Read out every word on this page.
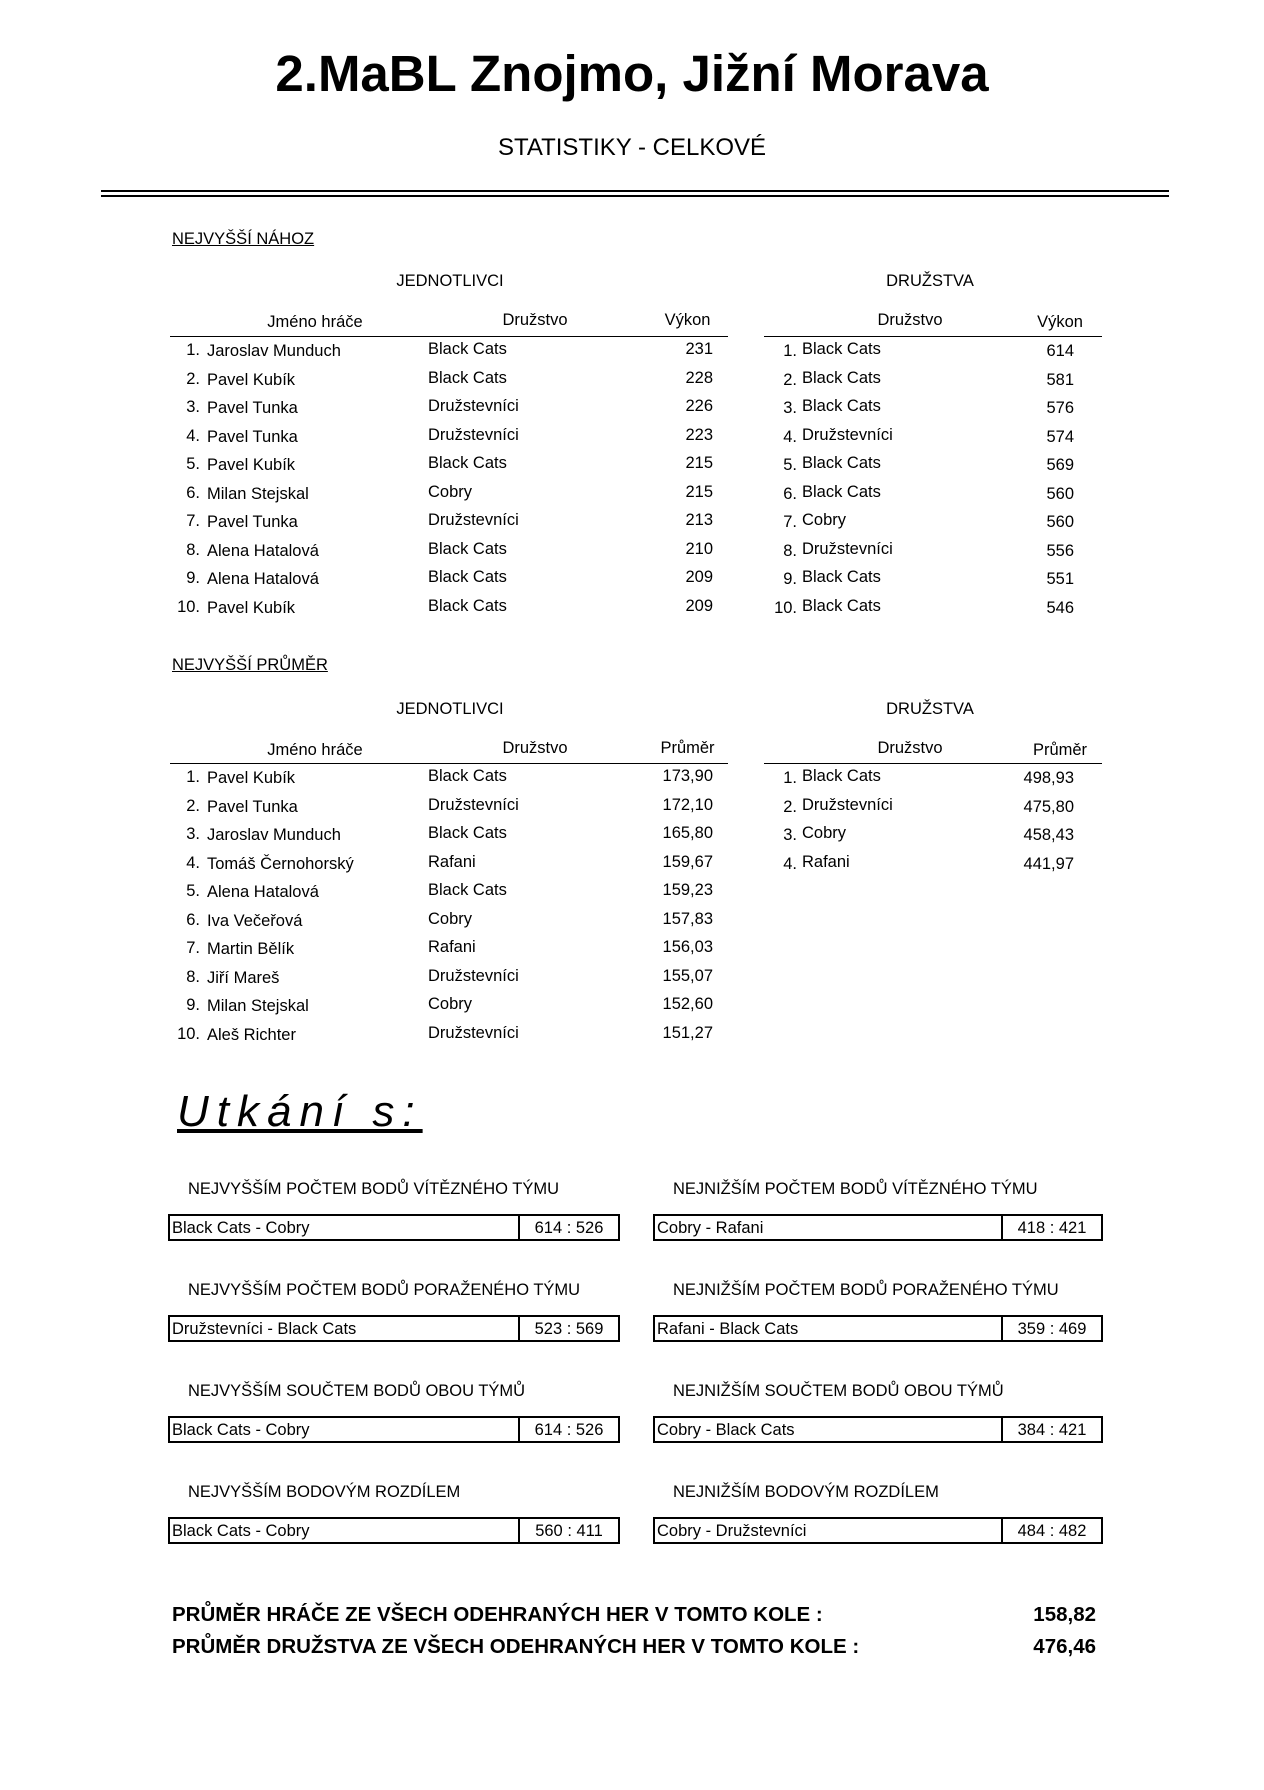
2.MaBL Znojmo, Jižní Morava
STATISTIKY - CELKOVÉ
NEJVYŠŠÍ NÁHOZ
JEDNOTLIVCI	DRUŽSTVA
Jméno hráče	Družstvo	Výkon	Družstvo	Výkon
1. Jaroslav Munduch	Black Cats	231
2. Pavel Kubík	Black Cats	228
3. Pavel Tunka	Družstevníci	226
4. Pavel Tunka	Družstevníci	223
5. Pavel Kubík	Black Cats	215
6. Milan Stejskal	Cobry	215
7. Pavel Tunka	Družstevníci	213
8. Alena Hatalová	Black Cats	210
9. Alena Hatalová	Black Cats	209
10. Pavel Kubík	Black Cats	209
1. Black Cats	614
2. Black Cats	581
3. Black Cats	576
4. Družstevníci	574
5. Black Cats	569
6. Black Cats	560
7. Cobry	560
8. Družstevníci	556
9. Black Cats	551
10. Black Cats	546
NEJVYŠŠÍ PRŮMĚR
JEDNOTLIVCI	DRUŽSTVA
Jméno hráče	Družstvo	Průměr	Družstvo	Průměr
1. Pavel Kubík	Black Cats	173,90
2. Pavel Tunka	Družstevníci	172,10
3. Jaroslav Munduch	Black Cats	165,80
4. Tomáš Černohorský	Rafani	159,67
5. Alena Hatalová	Black Cats	159,23
6. Iva Večeřová	Cobry	157,83
7. Martin Bělík	Rafani	156,03
8. Jiří Mareš	Družstevníci	155,07
9. Milan Stejskal	Cobry	152,60
10. Aleš Richter	Družstevníci	151,27
1. Black Cats	498,93
2. Družstevníci	475,80
3. Cobry	458,43
4. Rafani	441,97
Utkání s:
NEJVYŠŠÍM POČTEM BODŮ VÍTĚZNÉHO TÝMU
Black Cats - Cobry	614 : 526
NEJNIŽŠÍM POČTEM BODŮ VÍTĚZNÉHO TÝMU
Cobry - Rafani	418 : 421
NEJVYŠŠÍM POČTEM BODŮ PORAŽENÉHO TÝMU
Družstevníci - Black Cats	523 : 569
NEJNIŽŠÍM POČTEM BODŮ PORAŽENÉHO TÝMU
Rafani - Black Cats	359 : 469
NEJVYŠŠÍM SOUČTEM BODŮ OBOU TÝMŮ
Black Cats - Cobry	614 : 526
NEJNIŽŠÍM SOUČTEM BODŮ OBOU TÝMŮ
Cobry - Black Cats	384 : 421
NEJVYŠŠÍM BODOVÝM ROZDÍLEM
Black Cats - Cobry	560 : 411
NEJNIŽŠÍM BODOVÝM ROZDÍLEM
Cobry - Družstevníci	484 : 482
PRŮMĚR HRÁČE ZE VŠECH ODEHRANÝCH HER V TOMTO KOLE :	158,82
PRŮMĚR DRUŽSTVA ZE VŠECH ODEHRANÝCH HER V TOMTO KOLE :	476,46
